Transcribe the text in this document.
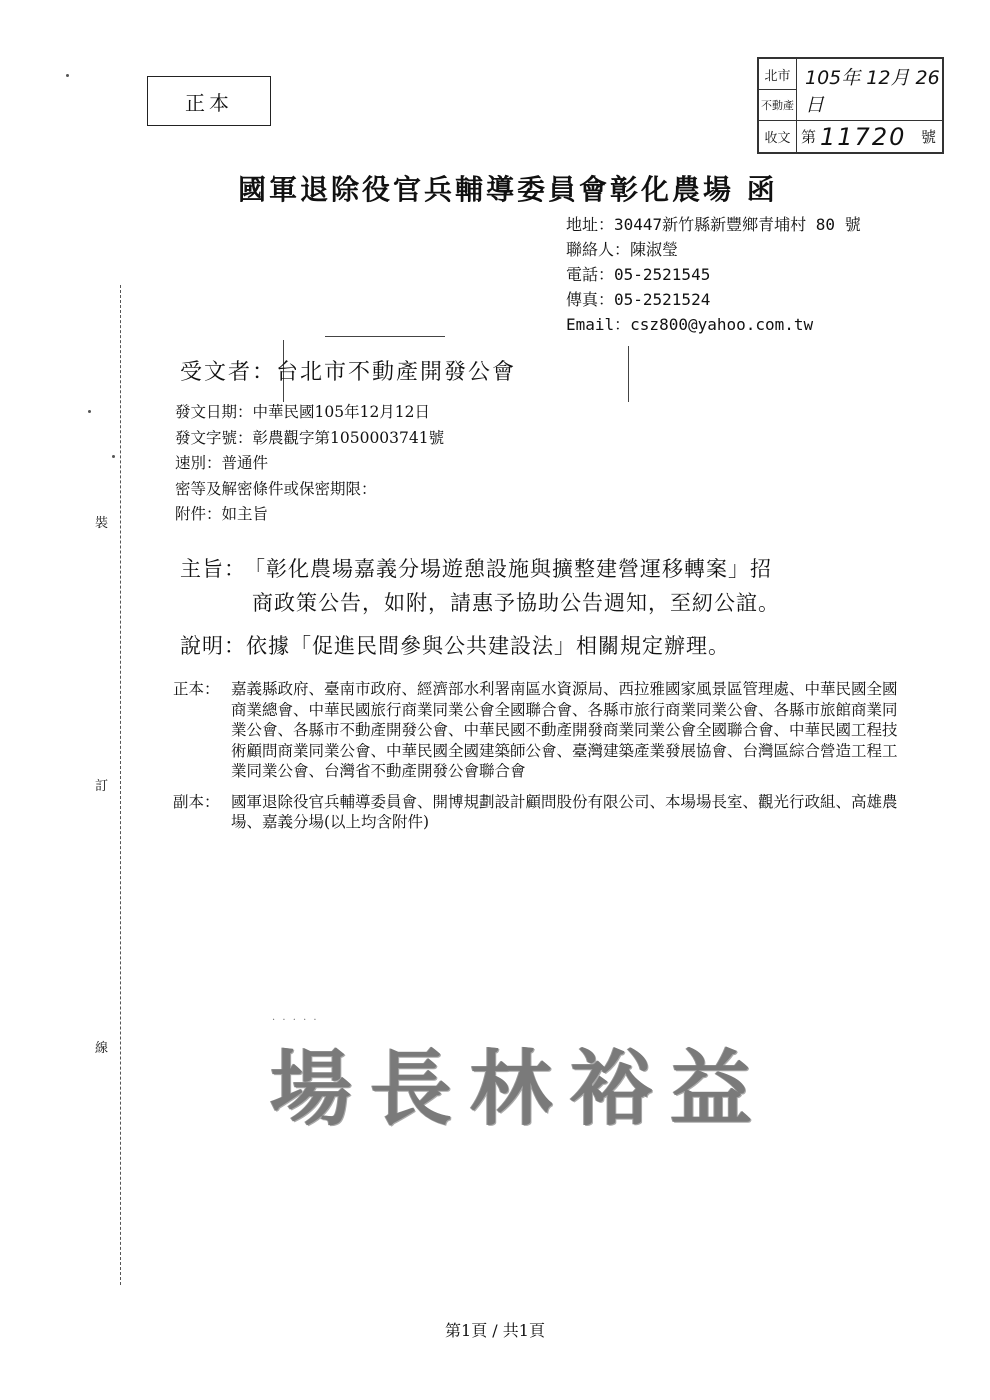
裝
訂
線
正本
北市
不動產
收文
105年 12月 26日
第 11720 號
國軍退除役官兵輔導委員會彰化農場 函
地址：30447新竹縣新豐鄉青埔村 80 號
聯絡人：陳淑瑩
電話：05-2521545
傳真：05-2521524
Email：csz800@yahoo.com.tw
受文者：台北市不動產開發公會
發文日期：中華民國105年12月12日
發文字號：彰農觀字第1050003741號
速別：普通件
密等及解密條件或保密期限：
附件：如主旨
主旨：
「彰化農場嘉義分場遊憩設施與擴整建營運移轉案」招
商政策公告，如附，請惠予協助公告週知，至紉公誼。
說明：依據「促進民間參與公共建設法」相關規定辦理。
正本： 嘉義縣政府、臺南市政府、經濟部水利署南區水資源局、西拉雅國家風景區管理處、中華民國全國商業總會、中華民國旅行商業同業公會全國聯合會、各縣市旅行商業同業公會、各縣市旅館商業同業公會、各縣市不動產開發公會、中華民國不動產開發商業同業公會全國聯合會、中華民國工程技術顧問商業同業公會、中華民國全國建築師公會、臺灣建築產業發展協會、台灣區綜合營造工程工業同業公會、台灣省不動產開發公會聯合會
副本： 國軍退除役官兵輔導委員會、開博規劃設計顧問股份有限公司、本場場長室、觀光行政組、高雄農場、嘉義分場(以上均含附件)
· · · · ·
場長林裕益
第1頁 / 共1頁
